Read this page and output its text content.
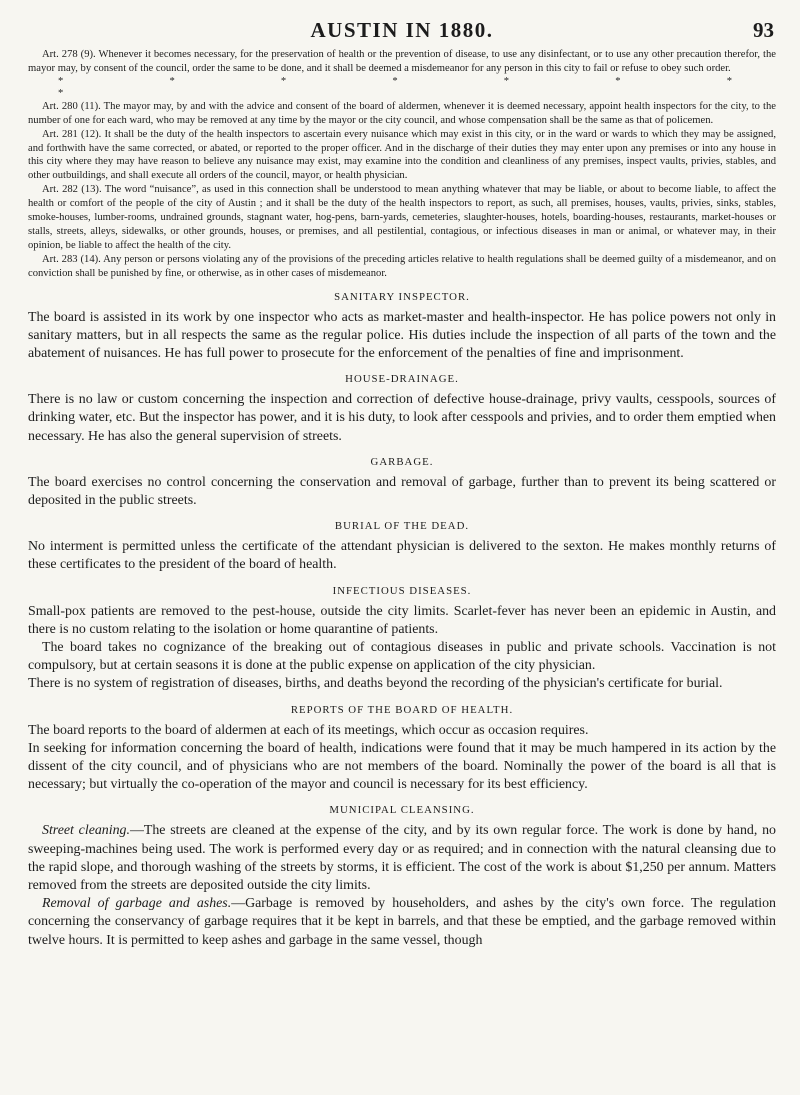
AUSTIN IN 1880.	93

Art. 278 (9). Whenever it becomes necessary, for the preservation of health or the prevention of disease, to use any disinfectant, or to use any other precaution therefor, the mayor may, by consent of the council, order the same to be done, and it shall be deemed a misdemeanor for any person in this city to fail or refuse to obey such order.

* * * * * * * *

Art. 280 (11). The mayor may, by and with the advice and consent of the board of aldermen, whenever it is deemed necessary, appoint health inspectors for the city, to the number of one for each ward, who may be removed at any time by the mayor or the city council, and whose compensation shall be the same as that of policemen.

Art. 281 (12). It shall be the duty of the health inspectors to ascertain every nuisance which may exist in this city, or in the ward or wards to which they may be assigned, and forthwith have the same corrected, or abated, or reported to the proper officer. And in the discharge of their duties they may enter upon any premises or into any house in this city where they may have reason to believe any nuisance may exist, may examine into the condition and cleanliness of any premises, inspect vaults, privies, stables, and other outbuildings, and shall execute all orders of the council, mayor, or health physician.

Art. 282 (13). The word “nuisance”, as used in this connection shall be understood to mean anything whatever that may be liable, or about to become liable, to affect the health or comfort of the people of the city of Austin ; and it shall be the duty of the health inspectors to report, as such, all premises, houses, vaults, privies, sinks, stables, smoke-houses, lumber-rooms, undrained grounds, stagnant water, hog-pens, barn-yards, cemeteries, slaughter-houses, hotels, boarding-houses, restaurants, market-houses or stalls, streets, alleys, sidewalks, or other grounds, houses, or premises, and all pestilential, contagious, or infectious diseases in man or animal, or whatever may, in their opinion, be liable to affect the health of the city.

Art. 283 (14). Any person or persons violating any of the provisions of the preceding articles relative to health regulations shall be deemed guilty of a misdemeanor, and on conviction shall be punished by fine, or otherwise, as in other cases of misdemeanor.

SANITARY INSPECTOR.

The board is assisted in its work by one inspector who acts as market-master and health-inspector. He has police powers not only in sanitary matters, but in all respects the same as the regular police. His duties include the inspection of all parts of the town and the abatement of nuisances. He has full power to prosecute for the enforcement of the penalties of fine and imprisonment.

HOUSE-DRAINAGE.

There is no law or custom concerning the inspection and correction of defective house-drainage, privy vaults, cesspools, sources of drinking water, etc. But the inspector has power, and it is his duty, to look after cesspools and privies, and to order them emptied when necessary. He has also the general supervision of streets.

GARBAGE.

The board exercises no control concerning the conservation and removal of garbage, further than to prevent its being scattered or deposited in the public streets.

BURIAL OF THE DEAD.

No interment is permitted unless the certificate of the attendant physician is delivered to the sexton. He makes monthly returns of these certificates to the president of the board of health.

INFECTIOUS DISEASES.

Small-pox patients are removed to the pest-house, outside the city limits. Scarlet-fever has never been an epidemic in Austin, and there is no custom relating to the isolation or home quarantine of patients.

The board takes no cognizance of the breaking out of contagious diseases in public and private schools. Vaccination is not compulsory, but at certain seasons it is done at the public expense on application of the city physician.

There is no system of registration of diseases, births, and deaths beyond the recording of the physician's certificate for burial.

REPORTS OF THE BOARD OF HEALTH.

The board reports to the board of aldermen at each of its meetings, which occur as occasion requires.

In seeking for information concerning the board of health, indications were found that it may be much hampered in its action by the dissent of the city council, and of physicians who are not members of the board. Nominally the power of the board is all that is necessary; but virtually the co-operation of the mayor and council is necessary for its best efficiency.

MUNICIPAL CLEANSING.

Street cleaning.—The streets are cleaned at the expense of the city, and by its own regular force. The work is done by hand, no sweeping-machines being used. The work is performed every day or as required; and in connection with the natural cleansing due to the rapid slope, and thorough washing of the streets by storms, it is efficient. The cost of the work is about $1,250 per annum. Matters removed from the streets are deposited outside the city limits.

Removal of garbage and ashes.—Garbage is removed by householders, and ashes by the city's own force. The regulation concerning the conservancy of garbage requires that it be kept in barrels, and that these be emptied, and the garbage removed within twelve hours. It is permitted to keep ashes and garbage in the same vessel, though
